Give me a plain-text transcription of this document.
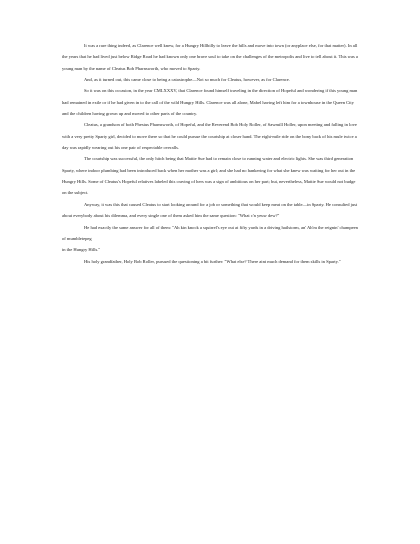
It was a rare thing indeed, as Clarence well knew, for a Hungry Hillbilly to leave the hills and move into town (or anyplace else, for that matter). In all the years that he had lived just below Ridge Road he had known only one brave soul to take on the challenges of the metropolis and live to tell about it. This was a young man by the name of Cleatus Bob Pharnsworth, who moved to Sparty.

And, as it turned out, this came close to being a catastrophe—Not so much for Cleatus, however, as for Clarence.

So it was on this occasion, in the year CMLXXXV, that Clarence found himself traveling in the direction of Hopeful and wondering if this young man had remained in exile or if he had given in to the call of the wild Hungry Hills. Clarence was all alone, Mabel having left him for a townhouse in the Queen City and the children having grown up and moved to other parts of the country.

Cleatus, a grandson of both Phestus Pharnsworth, of Hopeful, and the Reverend Bob Holy Roller, of Sawmill Holler, upon meeting and falling in love with a very pretty Sparty girl, decided to move there so that he could pursue the courtship at closer hand. The eight-mile ride on the bony back of his mule twice a day was rapidly wearing out his one pair of respectable overalls.

The courtship was successful, the only hitch being that Mattie Sue had to remain close to running water and electric lights. She was third generation Sparty, where indoor plumbing had been introduced back when her mother was a girl; and she had no hankering for what she knew was waiting for her out in the Hungry Hills. Some of Cleatus's Hopeful relatives labeled this craving of hers was a sign of ambitious on her part; but, nevertheless, Mattie Sue would not budge on the subject.

Anyway, it was this that caused Cleatus to start looking around for a job or something that would keep meat on the table—in Sparty. He consulted just about everybody about his dilemma, and every single one of them asked him the same question: "What c'n yeuw dew?"

He had exactly the same answer for all of them: "Ah kin knock a squirrel's eye out at fifty yards in a driving hailstorm, an' Ah'm the reignin' champeen of mumbletepeg

in the Hungry Hills."

His holy grandfather, Holy Bob Roller, pursued the questioning a bit further: "What else? There aint much demand for them skills in Sparty."
